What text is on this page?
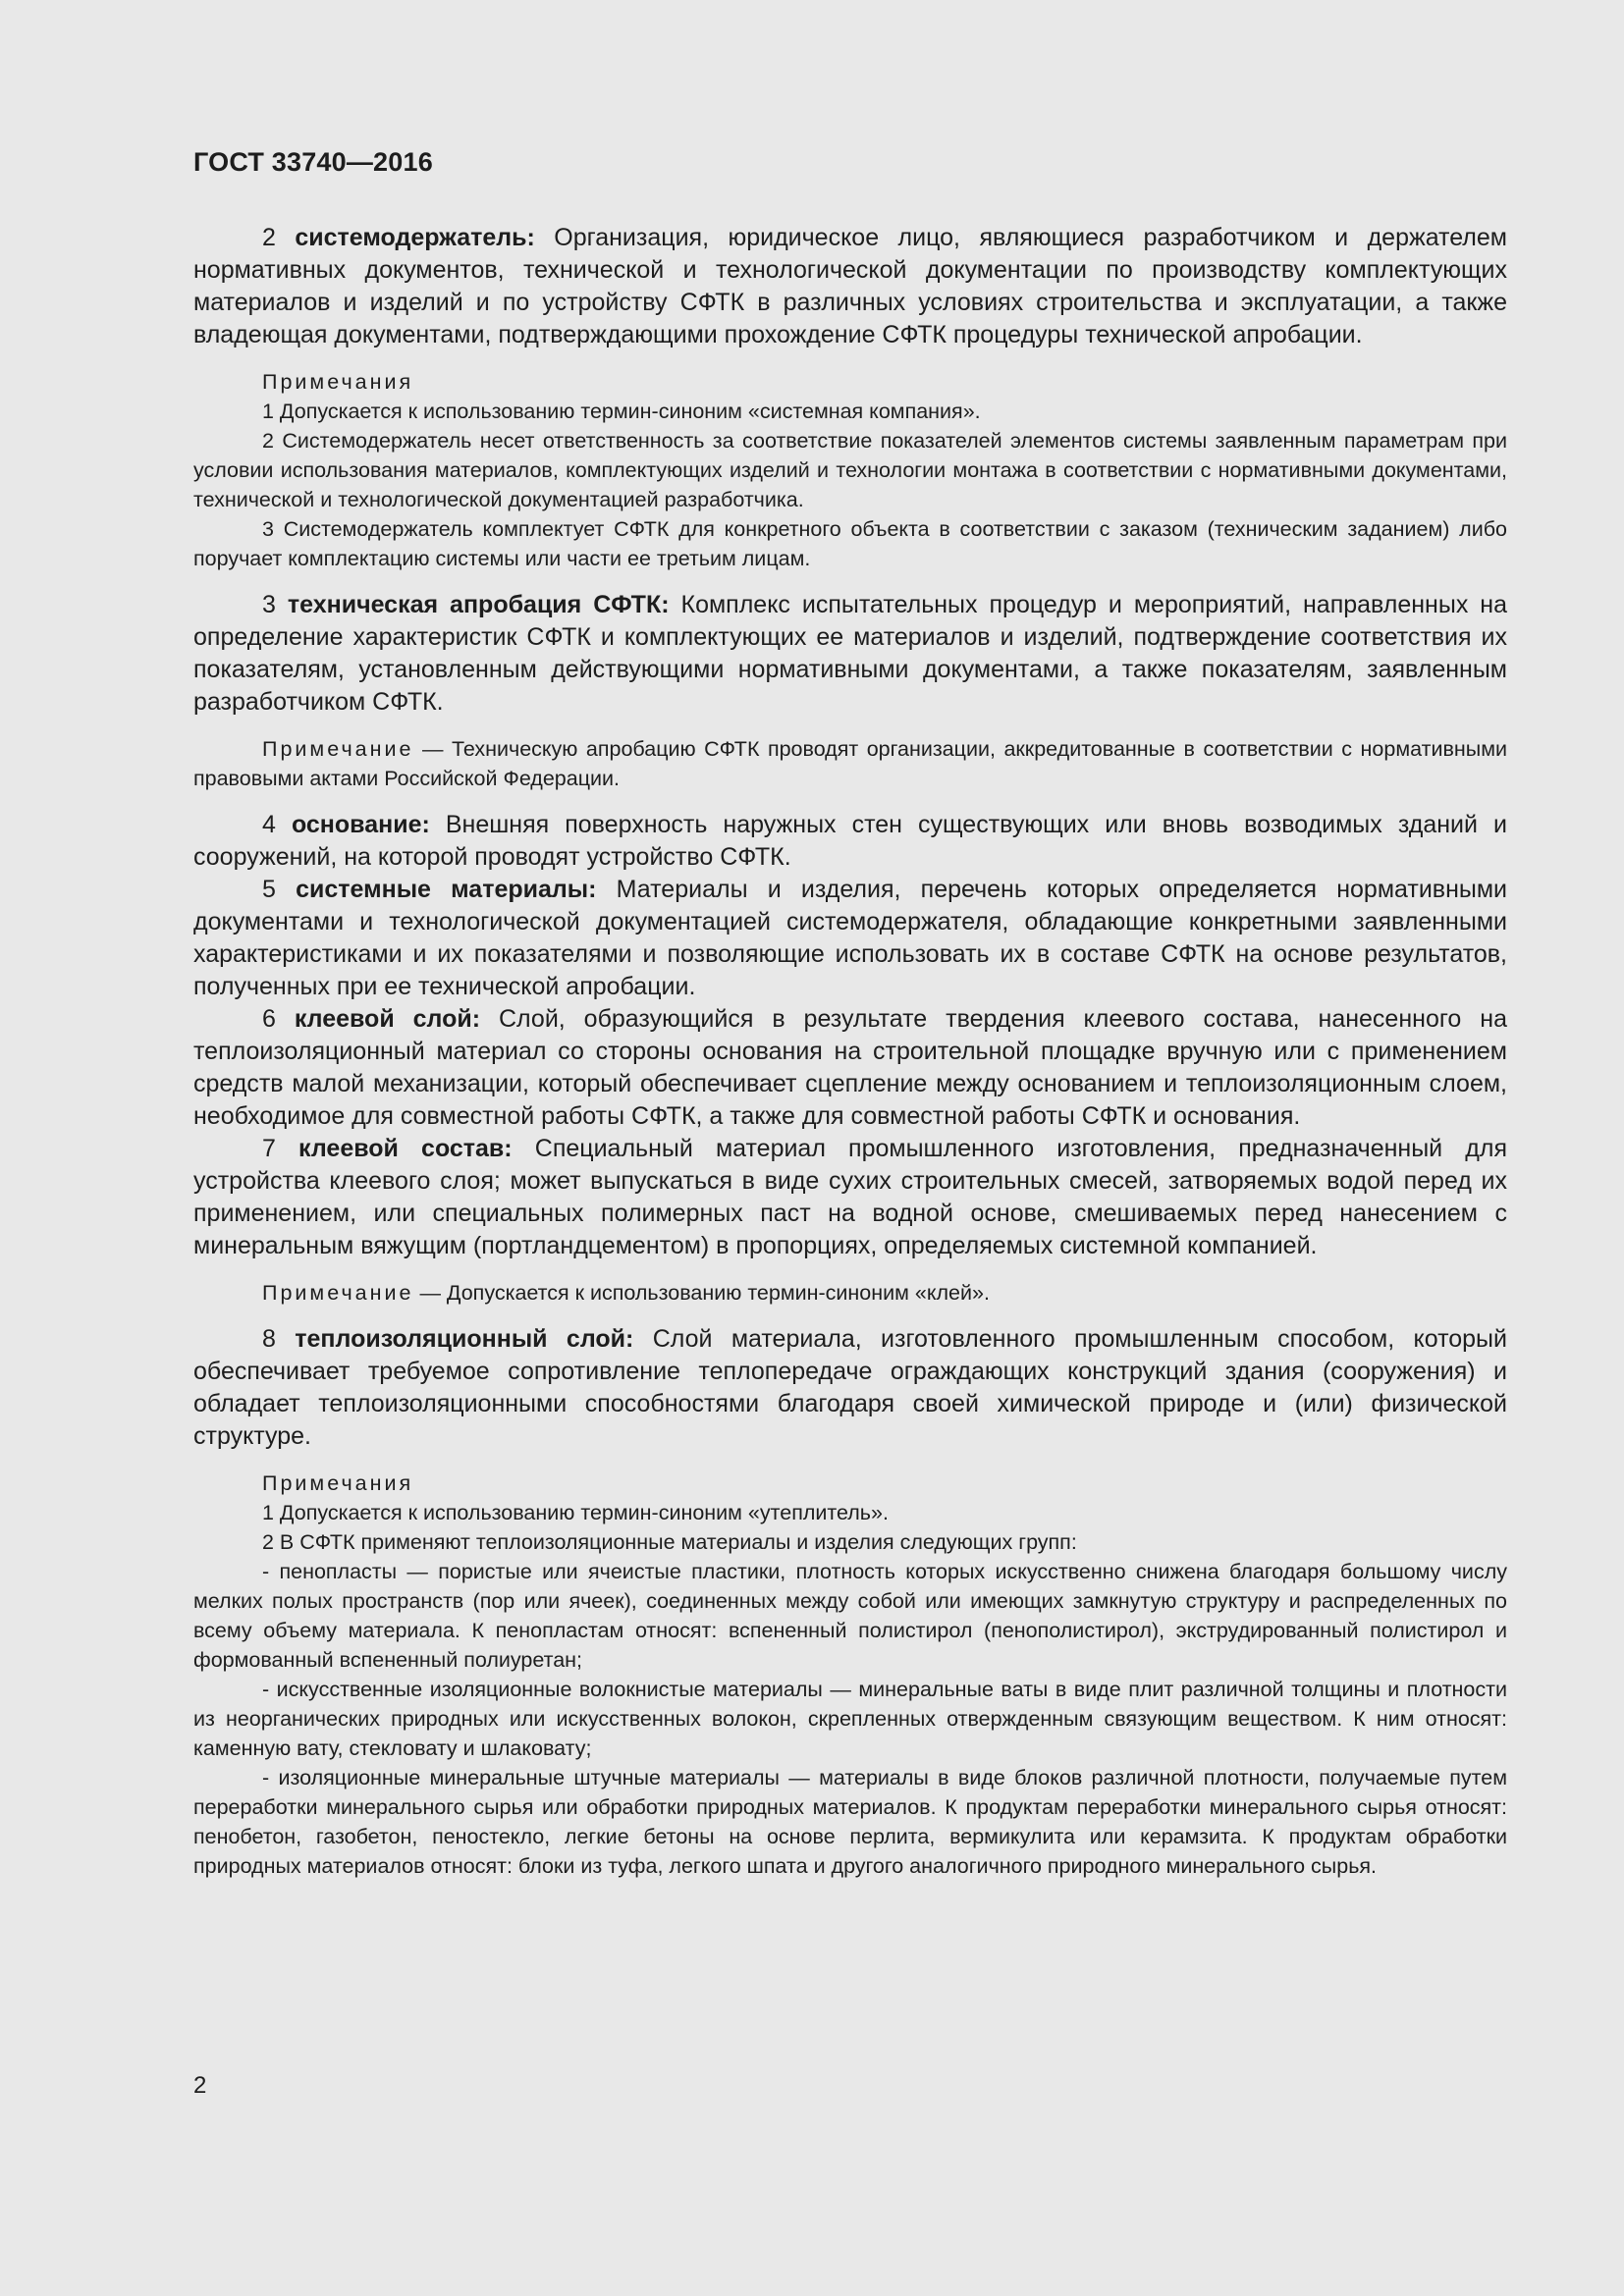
ГОСТ 33740—2016

2 системодержатель: Организация, юридическое лицо, являющиеся разработчиком и держателем нормативных документов, технической и технологической документации по производству комплектующих материалов и изделий и по устройству СФТК в различных условиях строительства и эксплуатации, а также владеющая документами, подтверждающими прохождение СФТК процедуры технической апробации.

Примечания

1 Допускается к использованию термин-синоним «системная компания».

2 Системодержатель несет ответственность за соответствие показателей элементов системы заявленным параметрам при условии использования материалов, комплектующих изделий и технологии монтажа в соответствии с нормативными документами, технической и технологической документацией разработчика.

3 Системодержатель комплектует СФТК для конкретного объекта в соответствии с заказом (техническим заданием) либо поручает комплектацию системы или части ее третьим лицам.

3 техническая апробация СФТК: Комплекс испытательных процедур и мероприятий, направленных на определение характеристик СФТК и комплектующих ее материалов и изделий, подтверждение соответствия их показателям, установленным действующими нормативными документами, а также показателям, заявленным разработчиком СФТК.

Примечание — Техническую апробацию СФТК проводят организации, аккредитованные в соответствии с нормативными правовыми актами Российской Федерации.

4 основание: Внешняя поверхность наружных стен существующих или вновь возводимых зданий и сооружений, на которой проводят устройство СФТК.

5 системные материалы: Материалы и изделия, перечень которых определяется нормативными документами и технологической документацией системодержателя, обладающие конкретными заявленными характеристиками и их показателями и позволяющие использовать их в составе СФТК на основе результатов, полученных при ее технической апробации.

6 клеевой слой: Слой, образующийся в результате твердения клеевого состава, нанесенного на теплоизоляционный материал со стороны основания на строительной площадке вручную или с применением средств малой механизации, который обеспечивает сцепление между основанием и теплоизоляционным слоем, необходимое для совместной работы СФТК, а также для совместной работы СФТК и основания.

7 клеевой состав: Специальный материал промышленного изготовления, предназначенный для устройства клеевого слоя; может выпускаться в виде сухих строительных смесей, затворяемых водой перед их применением, или специальных полимерных паст на водной основе, смешиваемых перед нанесением с минеральным вяжущим (портландцементом) в пропорциях, определяемых системной компанией.

Примечание — Допускается к использованию термин-синоним «клей».

8 теплоизоляционный слой: Слой материала, изготовленного промышленным способом, который обеспечивает требуемое сопротивление теплопередаче ограждающих конструкций здания (сооружения) и обладает теплоизоляционными способностями благодаря своей химической природе и (или) физической структуре.

Примечания

1 Допускается к использованию термин-синоним «утеплитель».

2 В СФТК применяют теплоизоляционные материалы и изделия следующих групп:

- пенопласты — пористые или ячеистые пластики, плотность которых искусственно снижена благодаря большому числу мелких полых пространств (пор или ячеек), соединенных между собой или имеющих замкнутую структуру и распределенных по всему объему материала. К пенопластам относят: вспененный полистирол (пенополистирол), экструдированный полистирол и формованный вспененный полиуретан;

- искусственные изоляционные волокнистые материалы — минеральные ваты в виде плит различной толщины и плотности из неорганических природных или искусственных волокон, скрепленных отвержденным связующим веществом. К ним относят: каменную вату, стекловату и шлаковату;

- изоляционные минеральные штучные материалы — материалы в виде блоков различной плотности, получаемые путем переработки минерального сырья или обработки природных материалов. К продуктам переработки минерального сырья относят: пенобетон, газобетон, пеностекло, легкие бетоны на основе перлита, вермикулита или керамзита. К продуктам обработки природных материалов относят: блоки из туфа, легкого шпата и другого аналогичного природного минерального сырья.

2
